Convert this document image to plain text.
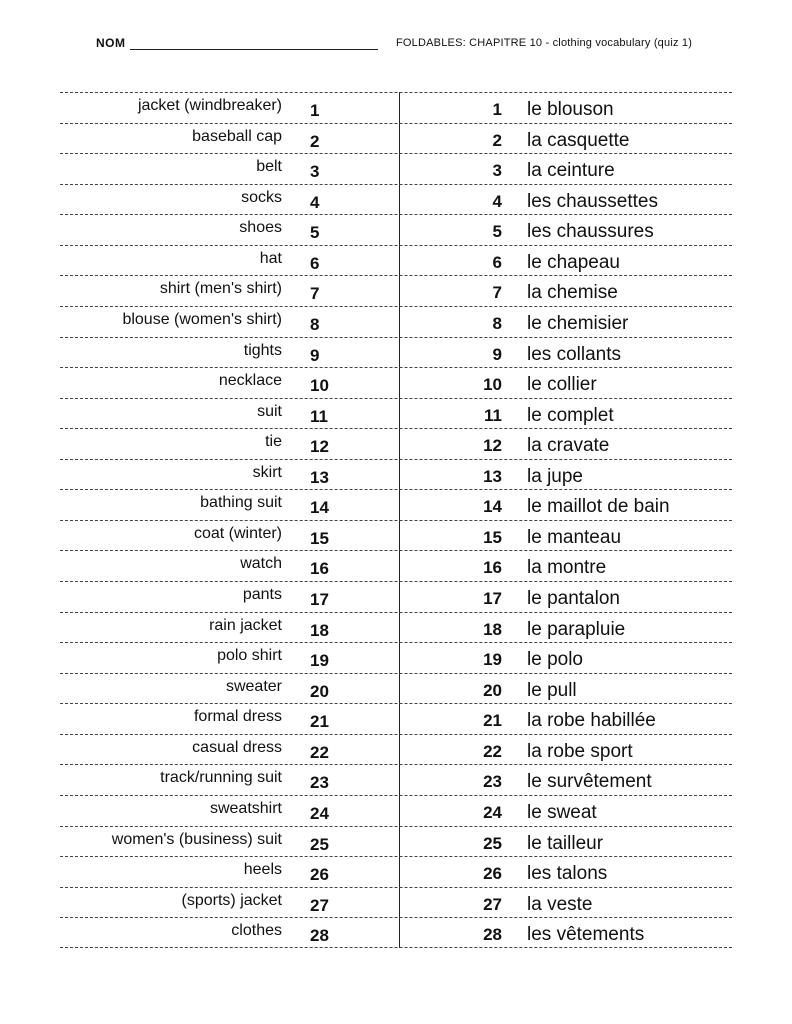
NOM	FOLDABLES: CHAPITRE 10 - clothing vocabulary (quiz 1)
jacket (windbreaker) 1	1 le blouson
baseball cap 2	2 la casquette
belt 3	3 la ceinture
socks 4	4 les chaussettes
shoes 5	5 les chaussures
hat 6	6 le chapeau
shirt (men's shirt) 7	7 la chemise
blouse (women's shirt) 8	8 le chemisier
tights 9	9 les collants
necklace 10	10 le collier
suit 11	11 le complet
tie 12	12 la cravate
skirt 13	13 la jupe
bathing suit 14	14 le maillot de bain
coat (winter) 15	15 le manteau
watch 16	16 la montre
pants 17	17 le pantalon
rain jacket 18	18 le parapluie
polo shirt 19	19 le polo
sweater 20	20 le pull
formal dress 21	21 la robe habillée
casual dress 22	22 la robe sport
track/running suit 23	23 le survêtement
sweatshirt 24	24 le sweat
women's (business) suit 25	25 le tailleur
heels 26	26 les talons
(sports) jacket 27	27 la veste
clothes 28	28 les vêtements
